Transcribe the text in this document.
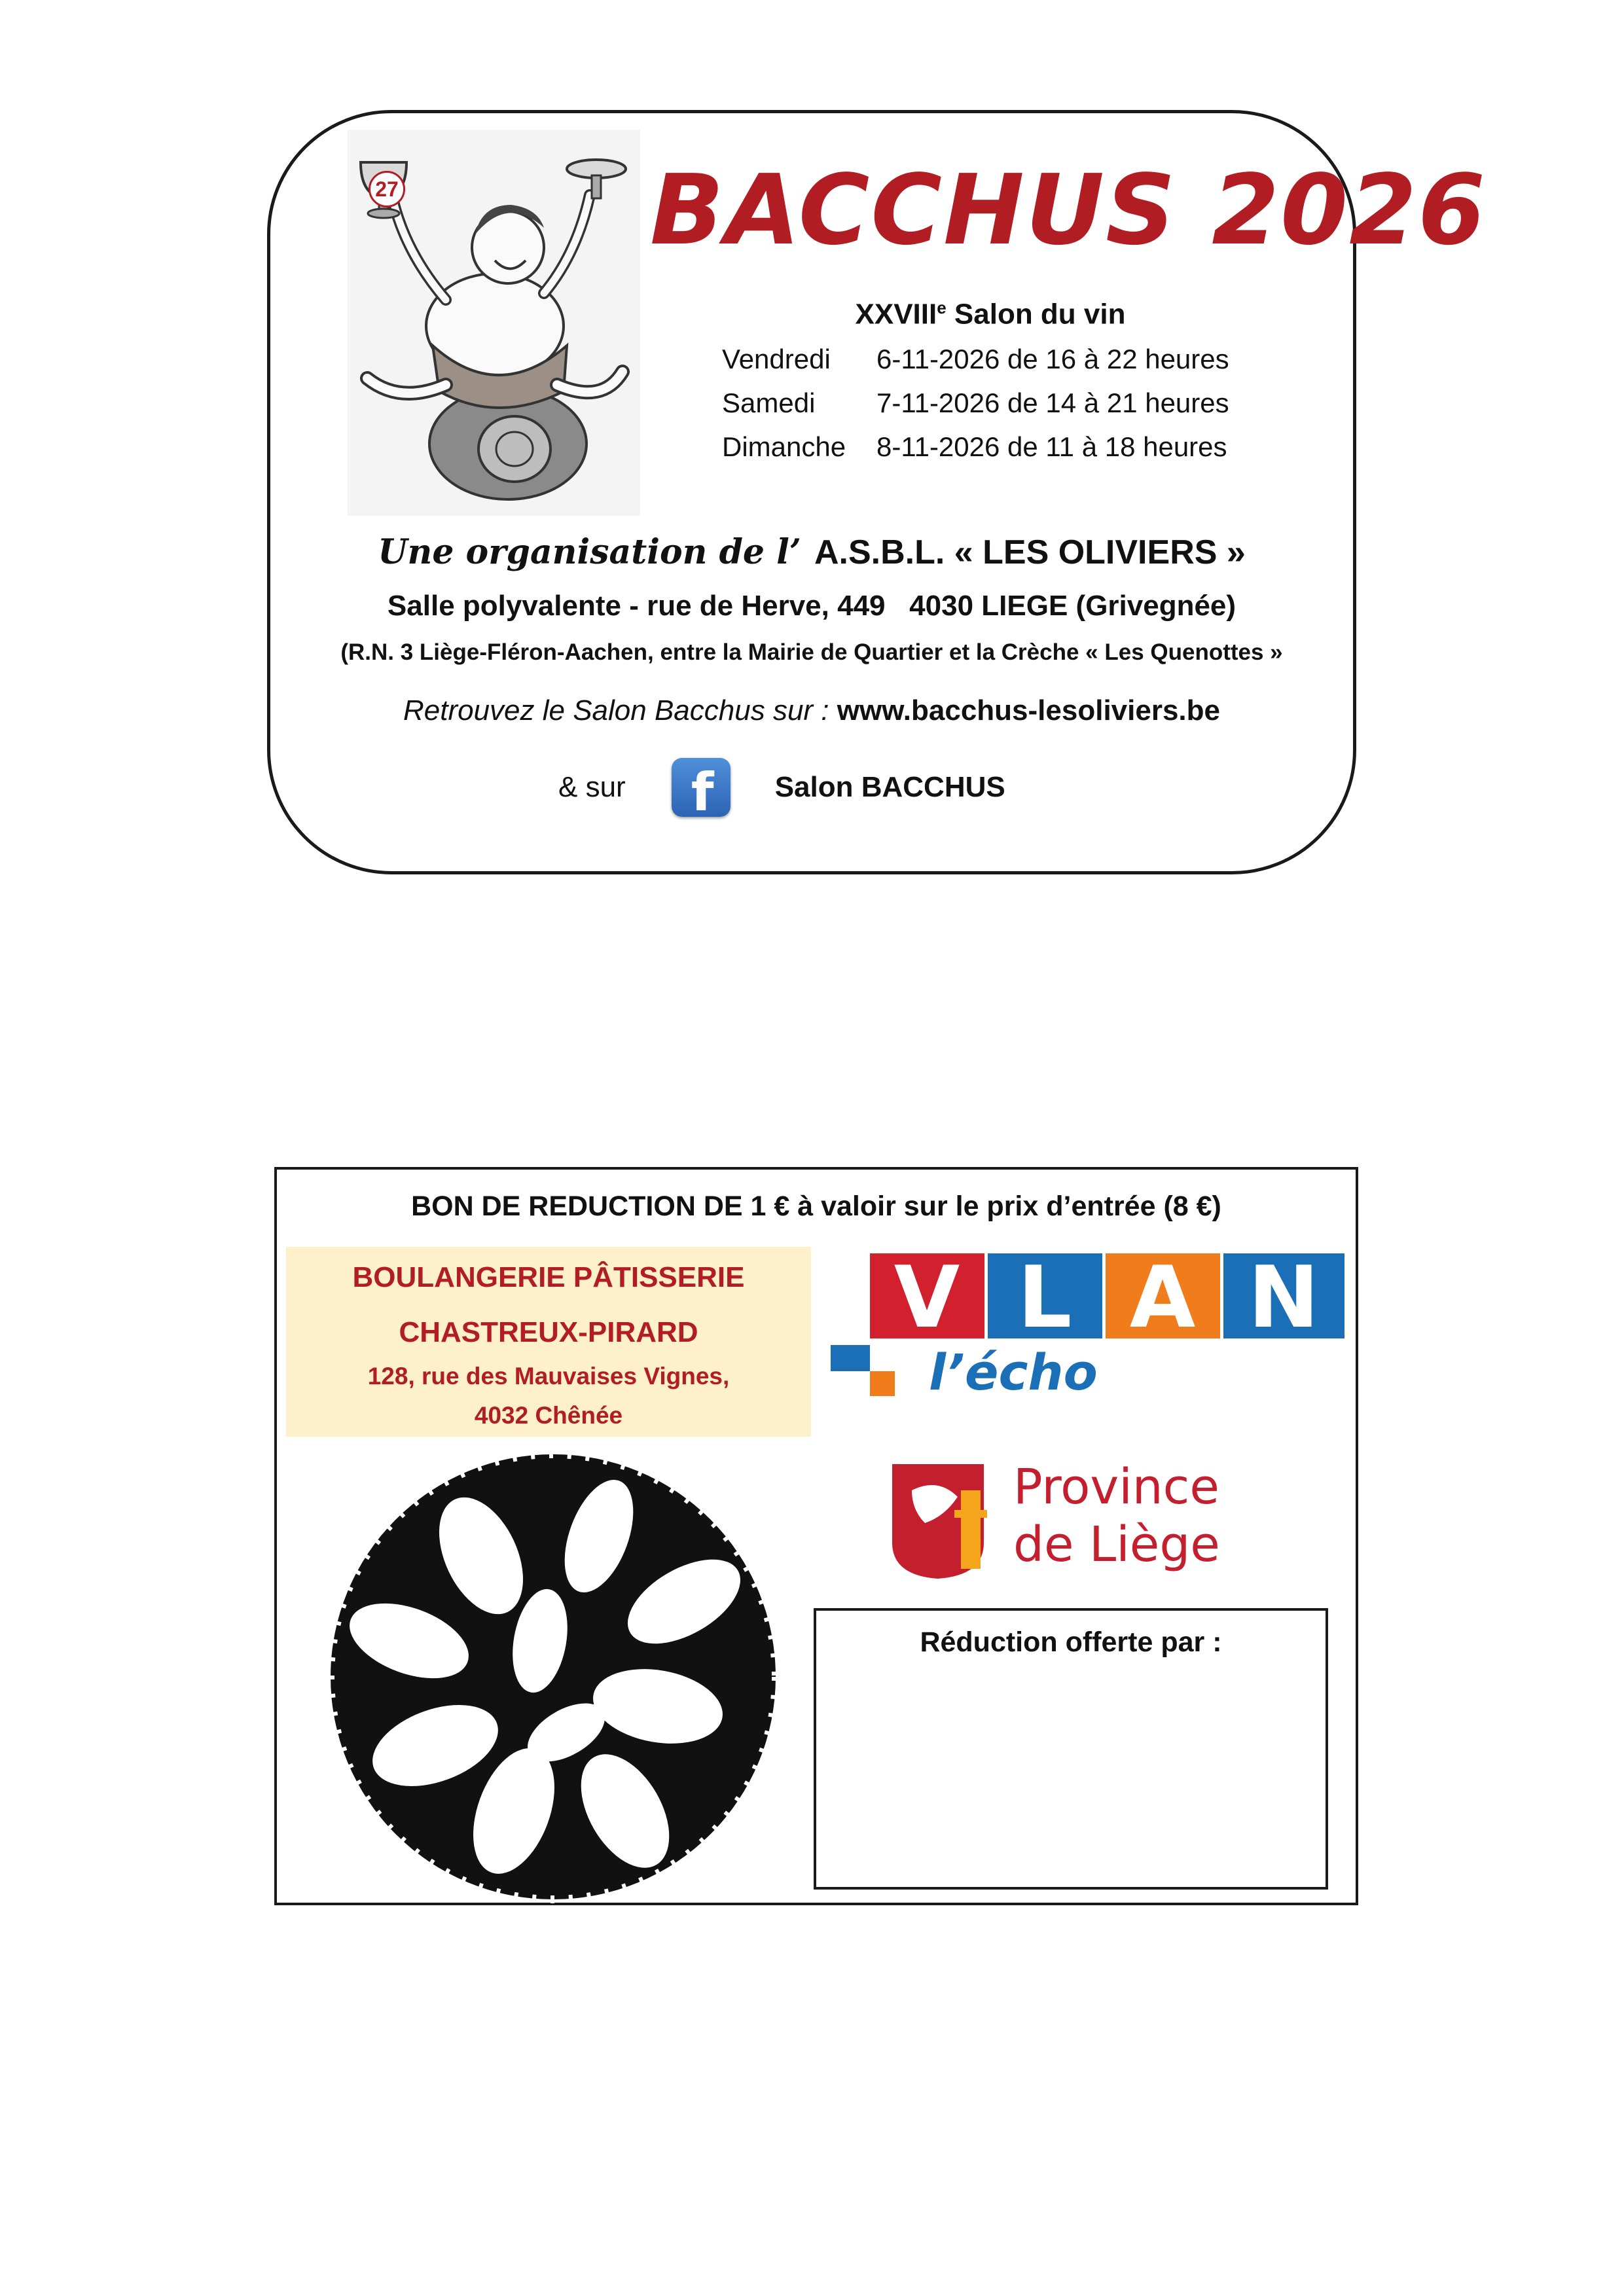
27	BACCHUS 2026
XXVIIIe Salon du vin
Vendredi	6-11-2026 de 16 à 22 heures
Samedi	7-11-2026 de 14 à 21 heures
Dimanche	8-11-2026 de 11 à 18 heures
Une organisation de l’ A.S.B.L. « LES OLIVIERS »
Salle polyvalente - rue de Herve, 449   4030 LIEGE (Grivegnée)
(R.N. 3 Liège-Fléron-Aachen, entre la Mairie de Quartier et la Crèche « Les Quenottes »
Retrouvez le Salon Bacchus sur : www.bacchus-lesoliviers.be
& sur f Salon BACCHUS
BON DE REDUCTION DE 1 € à valoir sur le prix d’entrée (8 €)
BOULANGERIE PÂTISSERIE
CHASTREUX-PIRARD
128, rue des Mauvaises Vignes,
4032 Chênée
V L A N
l’écho
Province
de Liège
Réduction offerte par :
